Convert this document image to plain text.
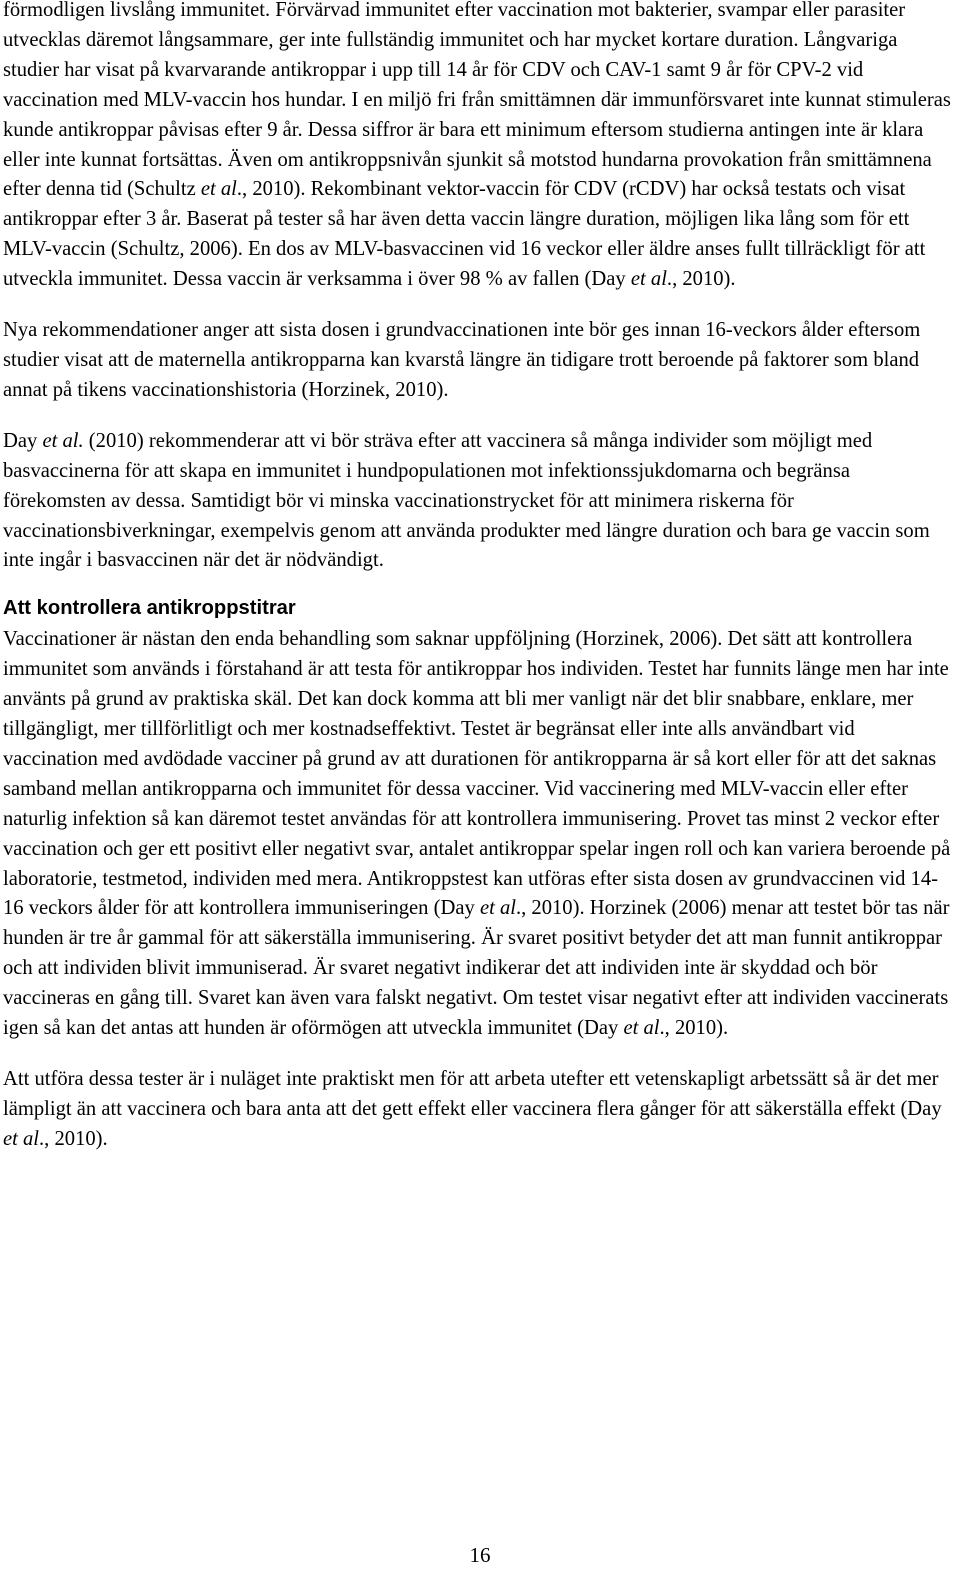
förmodligen livslång immunitet. Förvärvad immunitet efter vaccination mot bakterier, svampar eller parasiter utvecklas däremot långsammare, ger inte fullständig immunitet och har mycket kortare duration. Långvariga studier har visat på kvarvarande antikroppar i upp till 14 år för CDV och CAV-1 samt 9 år för CPV-2 vid vaccination med MLV-vaccin hos hundar. I en miljö fri från smittämnen där immunförsvaret inte kunnat stimuleras kunde antikroppar påvisas efter 9 år. Dessa siffror är bara ett minimum eftersom studierna antingen inte är klara eller inte kunnat fortsättas. Även om antikroppsnivån sjunkit så motstod hundarna provokation från smittämnena efter denna tid (Schultz et al., 2010). Rekombinant vektor-vaccin för CDV (rCDV) har också testats och visat antikroppar efter 3 år. Baserat på tester så har även detta vaccin längre duration, möjligen lika lång som för ett MLV-vaccin (Schultz, 2006). En dos av MLV-basvaccinen vid 16 veckor eller äldre anses fullt tillräckligt för att utveckla immunitet. Dessa vaccin är verksamma i över 98 % av fallen (Day et al., 2010).

Nya rekommendationer anger att sista dosen i grundvaccinationen inte bör ges innan 16-veckors ålder eftersom studier visat att de maternella antikropparna kan kvarstå längre än tidigare trott beroende på faktorer som bland annat på tikens vaccinationshistoria (Horzinek, 2010).

Day et al. (2010) rekommenderar att vi bör sträva efter att vaccinera så många individer som möjligt med basvaccinerna för att skapa en immunitet i hundpopulationen mot infektionssjukdomarna och begränsa förekomsten av dessa. Samtidigt bör vi minska vaccinationstrycket för att minimera riskerna för vaccinationsbiverkningar, exempelvis genom att använda produkter med längre duration och bara ge vaccin som inte ingår i basvaccinen när det är nödvändigt.

Att kontrollera antikroppstitrar

Vaccinationer är nästan den enda behandling som saknar uppföljning (Horzinek, 2006). Det sätt att kontrollera immunitet som används i förstahand är att testa för antikroppar hos individen. Testet har funnits länge men har inte använts på grund av praktiska skäl. Det kan dock komma att bli mer vanligt när det blir snabbare, enklare, mer tillgängligt, mer tillförlitligt och mer kostnadseffektivt. Testet är begränsat eller inte alls användbart vid vaccination med avdödade vacciner på grund av att durationen för antikropparna är så kort eller för att det saknas samband mellan antikropparna och immunitet för dessa vacciner. Vid vaccinering med MLV-vaccin eller efter naturlig infektion så kan däremot testet användas för att kontrollera immunisering. Provet tas minst 2 veckor efter vaccination och ger ett positivt eller negativt svar, antalet antikroppar spelar ingen roll och kan variera beroende på laboratorie, testmetod, individen med mera. Antikroppstest kan utföras efter sista dosen av grundvaccinen vid 14-16 veckors ålder för att kontrollera immuniseringen (Day et al., 2010). Horzinek (2006) menar att testet bör tas när hunden är tre år gammal för att säkerställa immunisering. Är svaret positivt betyder det att man funnit antikroppar och att individen blivit immuniserad. Är svaret negativt indikerar det att individen inte är skyddad och bör vaccineras en gång till. Svaret kan även vara falskt negativt. Om testet visar negativt efter att individen vaccinerats igen så kan det antas att hunden är oförmögen att utveckla immunitet (Day et al., 2010).

Att utföra dessa tester är i nuläget inte praktiskt men för att arbeta utefter ett vetenskapligt arbetssätt så är det mer lämpligt än att vaccinera och bara anta att det gett effekt eller vaccinera flera gånger för att säkerställa effekt (Day et al., 2010).

16
